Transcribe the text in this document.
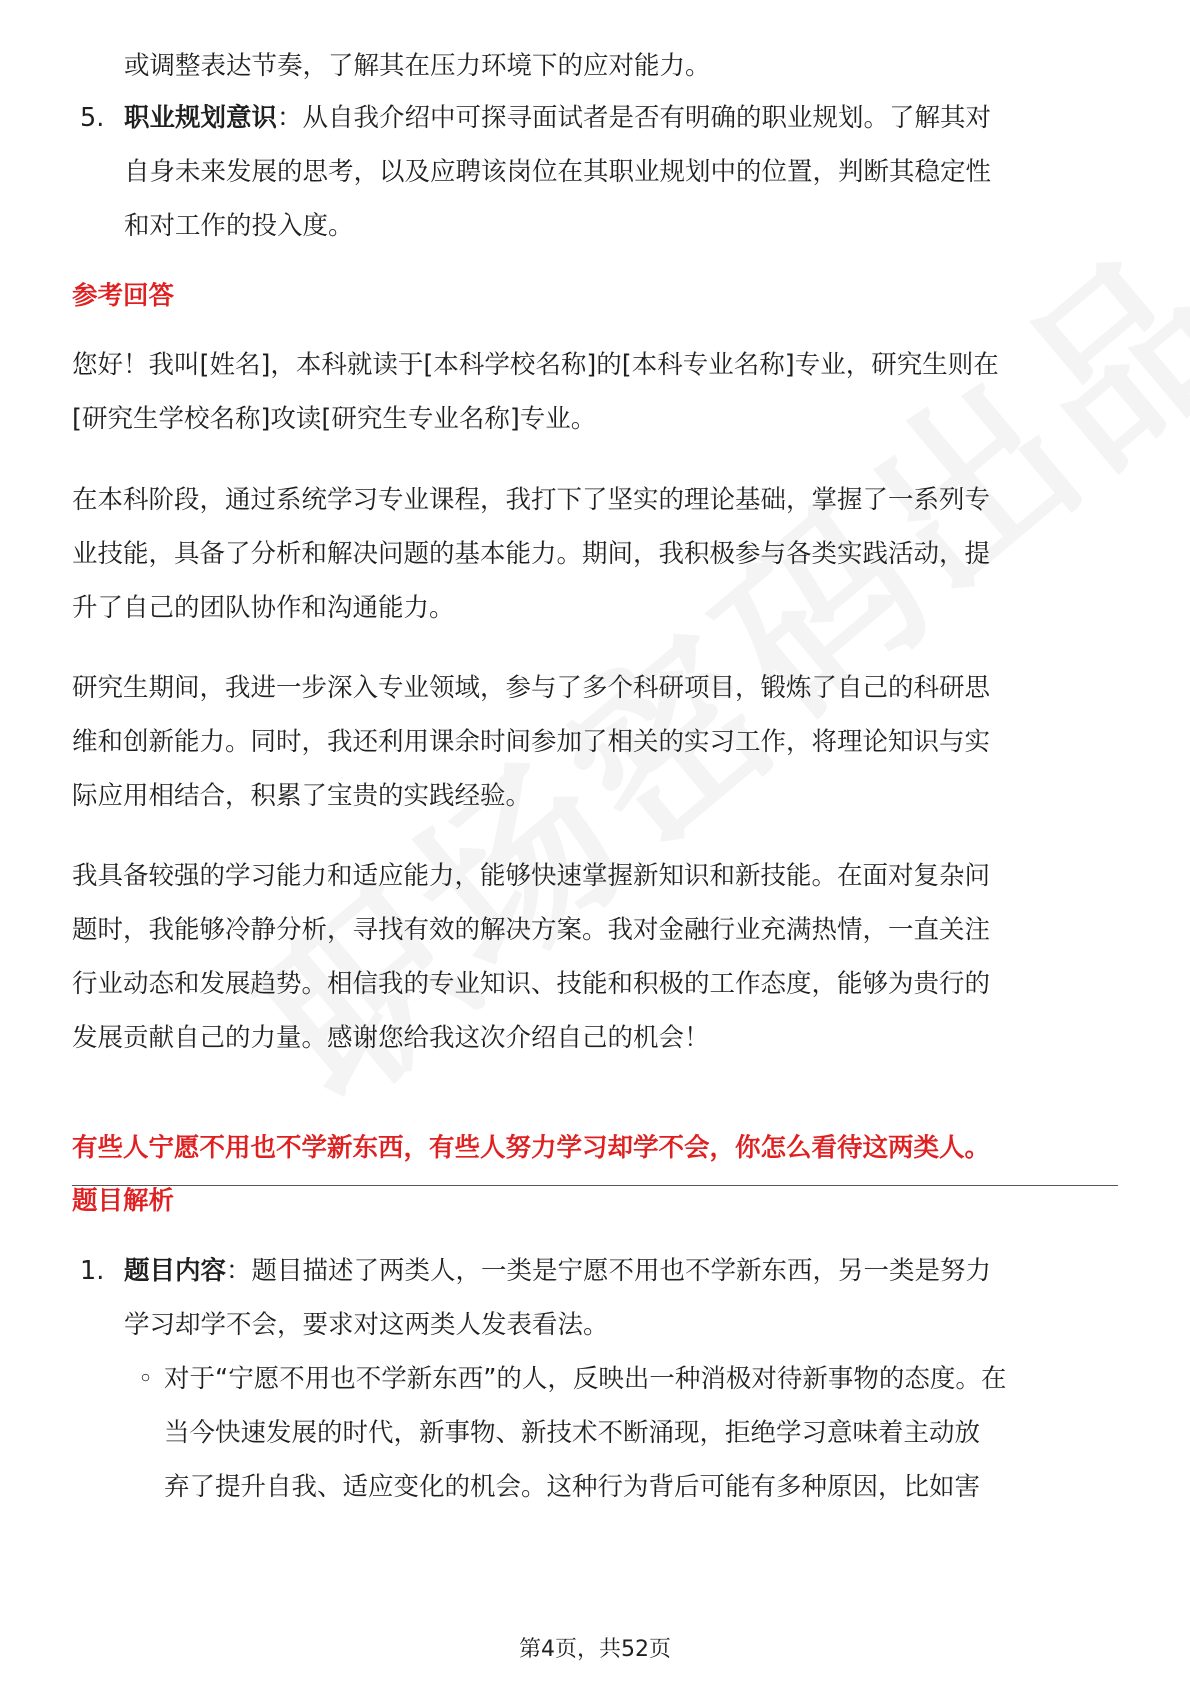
或调整表达节奏，了解其在压力环境下的应对能力。

5. 职业规划意识：从自我介绍中可探寻面试者是否有明确的职业规划。了解其对

自身未来发展的思考，以及应聘该岗位在其职业规划中的位置，判断其稳定性

和对工作的投入度。

参考回答

您好！我叫[姓名]，本科就读于[本科学校名称]的[本科专业名称]专业，研究生则在

[研究生学校名称]攻读[研究生专业名称]专业。

在本科阶段，通过系统学习专业课程，我打下了坚实的理论基础，掌握了一系列专

业技能，具备了分析和解决问题的基本能力。期间，我积极参与各类实践活动，提

升了自己的团队协作和沟通能力。

研究生期间，我进一步深入专业领域，参与了多个科研项目，锻炼了自己的科研思

维和创新能力。同时，我还利用课余时间参加了相关的实习工作，将理论知识与实

际应用相结合，积累了宝贵的实践经验。

我具备较强的学习能力和适应能力，能够快速掌握新知识和新技能。在面对复杂问

题时，我能够冷静分析，寻找有效的解决方案。我对金融行业充满热情，一直关注

行业动态和发展趋势。相信我的专业知识、技能和积极的工作态度，能够为贵行的

发展贡献自己的力量。感谢您给我这次介绍自己的机会！

有些人宁愿不用也不学新东西，有些人努力学习却学不会，你怎么看待这两类人。

题目解析

1. 题目内容：题目描述了两类人，一类是宁愿不用也不学新东西，另一类是努力

学习却学不会，要求对这两类人发表看法。

◦ 对于“宁愿不用也不学新东西”的人，反映出一种消极对待新事物的态度。在

当今快速发展的时代，新事物、新技术不断涌现，拒绝学习意味着主动放

弃了提升自我、适应变化的机会。这种行为背后可能有多种原因，比如害

第4页，共52页
